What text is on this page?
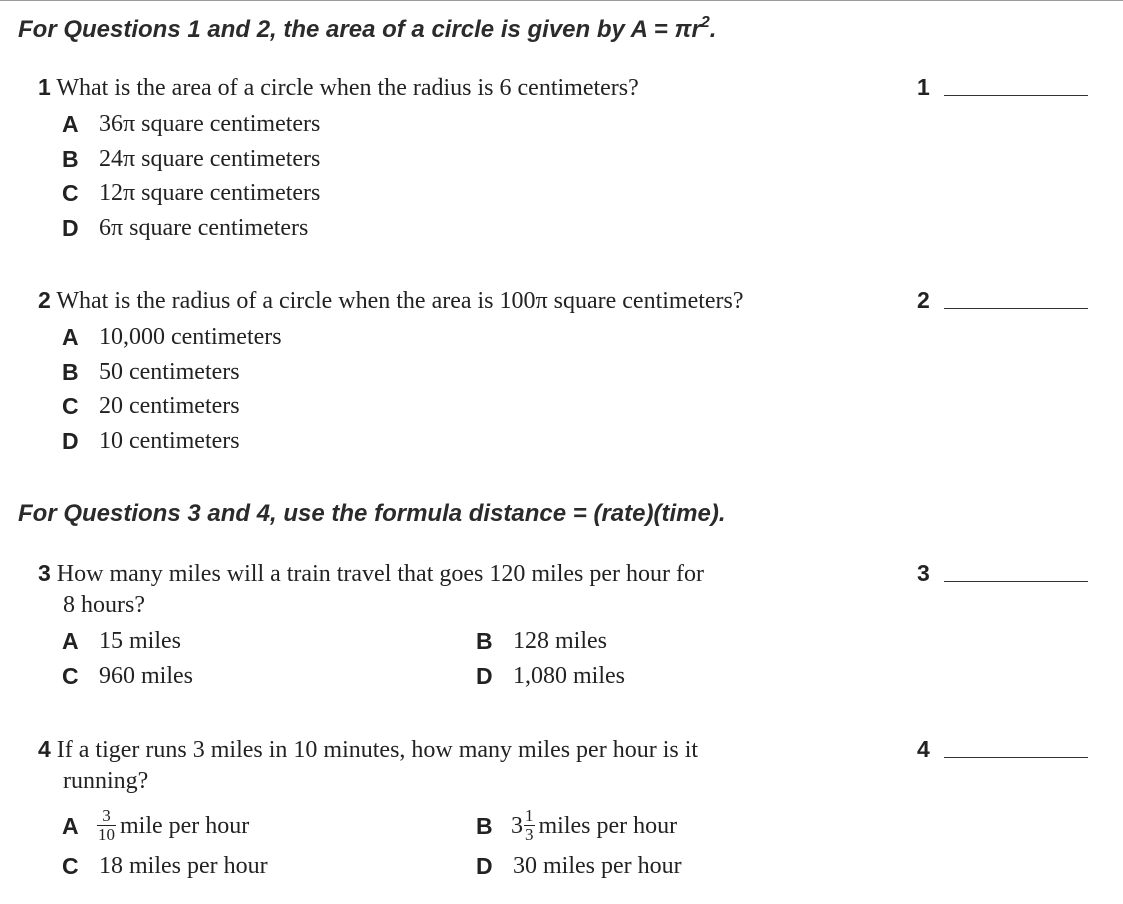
For Questions 1 and 2, the area of a circle is given by $A = \pi r^2$.
1 What is the area of a circle when the radius is 6 centimeters?	1
A 36π square centimeters
B 24π square centimeters
C 12π square centimeters
D 6π square centimeters
2 What is the radius of a circle when the area is 100π square centimeters?	2
A 10,000 centimeters
B 50 centimeters
C 20 centimeters
D 10 centimeters
For Questions 3 and 4, use the formula distance = (rate)(time).
3 How many miles will a train travel that goes 120 miles per hour for	3
8 hours?
A 15 miles	B 128 miles
C 960 miles	D 1,080 miles
4 If a tiger runs 3 miles in 10 minutes, how many miles per hour is it	4
running?
A $\frac{3}{10}$ mile per hour	B $3 \frac{1}{3}$ miles per hour
C 18 miles per hour	D 30 miles per hour
